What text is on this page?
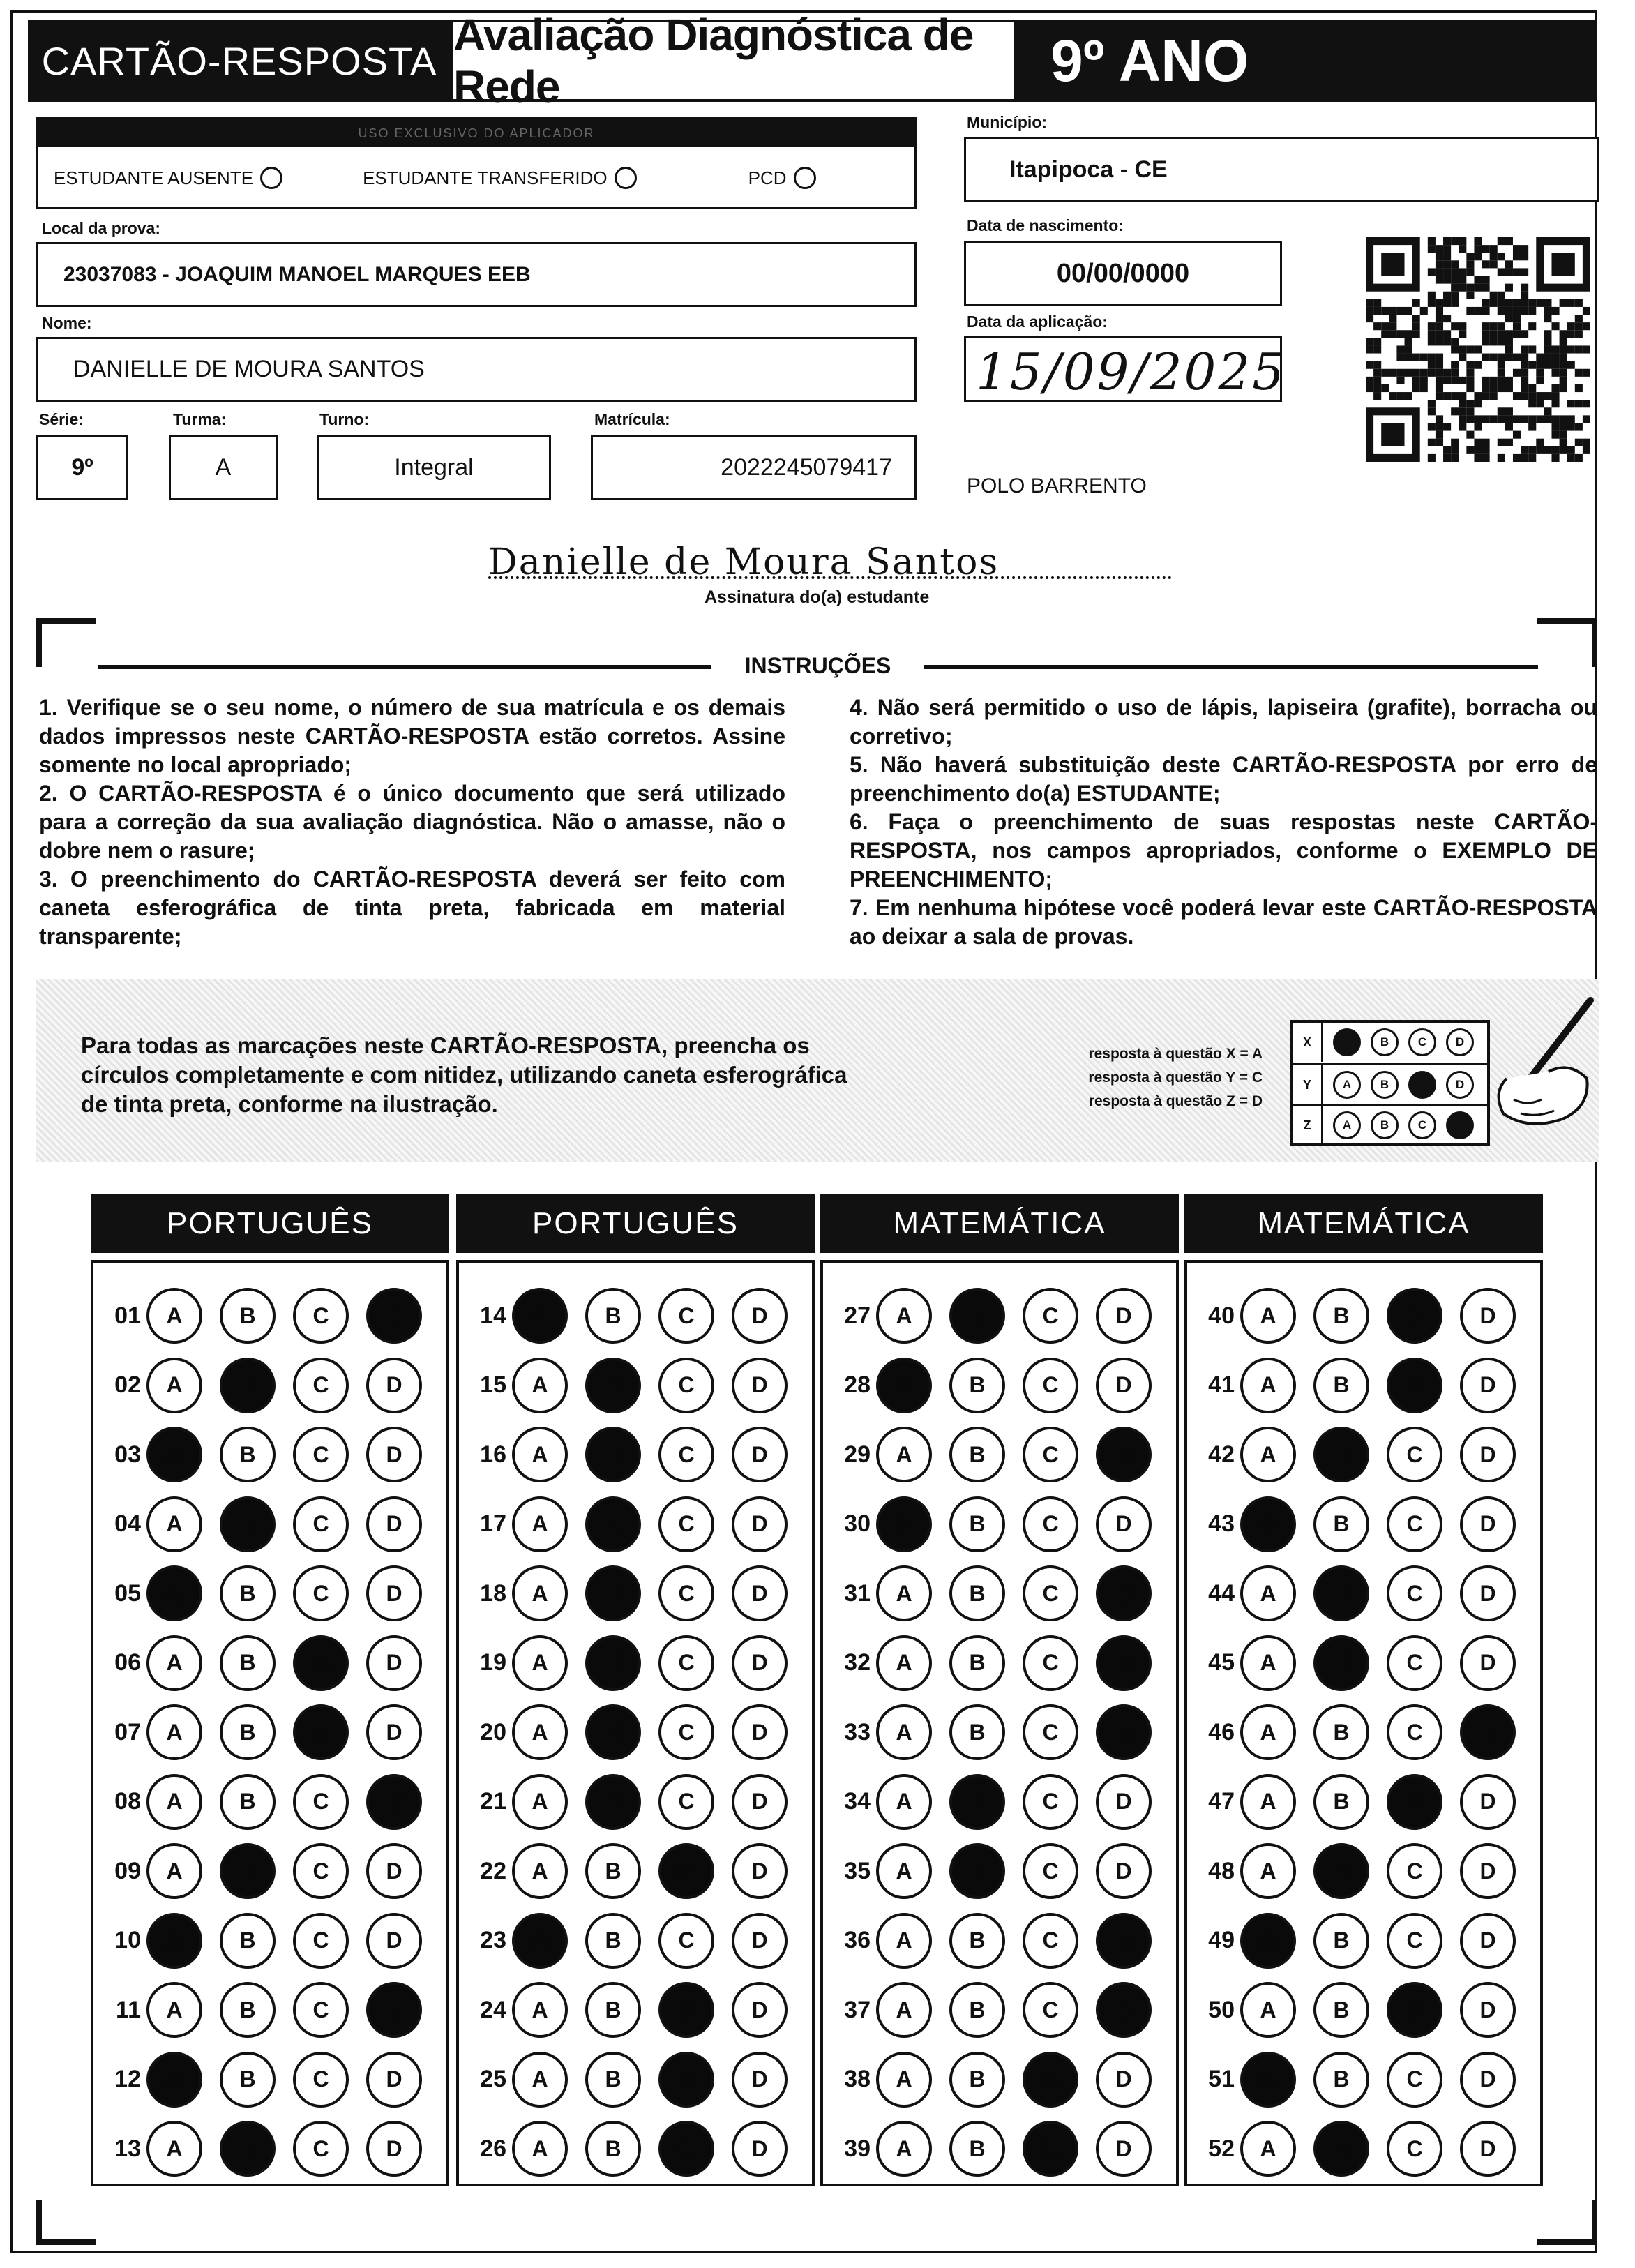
CARTÃO-RESPOSTA
Avaliação Diagnóstica de Rede	9º ANO
USO EXCLUSIVO DO APLICADOR
ESTUDANTE AUSENTE	ESTUDANTE TRANSFERIDO	PCD
Local da prova:
23037083 - JOAQUIM MANOEL MARQUES EEB
Nome:
DANIELLE DE MOURA SANTOS
Série:
9º
Turma:
A
Turno:
Integral
Matrícula:
2022245079417
Município:
Itapipoca - CE
Data de nascimento:
00/00/0000
Data da aplicação:
15/09/2025
POLO BARRENTO
Danielle de Moura Santos
Assinatura do(a) estudante
INSTRUÇÕES
1. Verifique se o seu nome, o número de sua matrícula e os demais dados impressos neste CARTÃO-RESPOSTA estão corretos. Assine somente no local apropriado;
2. O CARTÃO-RESPOSTA é o único documento que será utilizado para a correção da sua avaliação diagnóstica. Não o amasse, não o dobre nem o rasure;
3. O preenchimento do CARTÃO-RESPOSTA deverá ser feito com caneta esferográfica de tinta preta, fabricada em material transparente;
4. Não será permitido o uso de lápis, lapiseira (grafite), borracha ou corretivo;
5. Não haverá substituição deste CARTÃO-RESPOSTA por erro de preenchimento do(a) ESTUDANTE;
6. Faça o preenchimento de suas respostas neste CARTÃO-RESPOSTA, nos campos apropriados, conforme o EXEMPLO DE PREENCHIMENTO;
7. Em nenhuma hipótese você poderá levar este CARTÃO-RESPOSTA ao deixar a sala de provas.
Para todas as marcações neste CARTÃO-RESPOSTA, preencha os círculos completamente e com nitidez, utilizando caneta esferográfica de tinta preta, conforme na ilustração.
resposta à questão X = A
resposta à questão Y = C
resposta à questão Z = D
X	A	B	C	D
Y	A	B	C	D
Z	A	B	C	D
PORTUGUÊS
01	A	B	C	D
02	A	B	C	D
03	A	B	C	D
04	A	B	C	D
05	A	B	C	D
06	A	B	C	D
07	A	B	C	D
08	A	B	C	D
09	A	B	C	D
10	A	B	C	D
11	A	B	C	D
12	A	B	C	D
13	A	B	C	D
PORTUGUÊS
14	A	B	C	D
15	A	B	C	D
16	A	B	C	D
17	A	B	C	D
18	A	B	C	D
19	A	B	C	D
20	A	B	C	D
21	A	B	C	D
22	A	B	C	D
23	A	B	C	D
24	A	B	C	D
25	A	B	C	D
26	A	B	C	D
MATEMÁTICA
27	A	B	C	D
28	A	B	C	D
29	A	B	C	D
30	A	B	C	D
31	A	B	C	D
32	A	B	C	D
33	A	B	C	D
34	A	B	C	D
35	A	B	C	D
36	A	B	C	D
37	A	B	C	D
38	A	B	C	D
39	A	B	C	D
MATEMÁTICA
40	A	B	C	D
41	A	B	C	D
42	A	B	C	D
43	A	B	C	D
44	A	B	C	D
45	A	B	C	D
46	A	B	C	D
47	A	B	C	D
48	A	B	C	D
49	A	B	C	D
50	A	B	C	D
51	A	B	C	D
52	A	B	C	D
